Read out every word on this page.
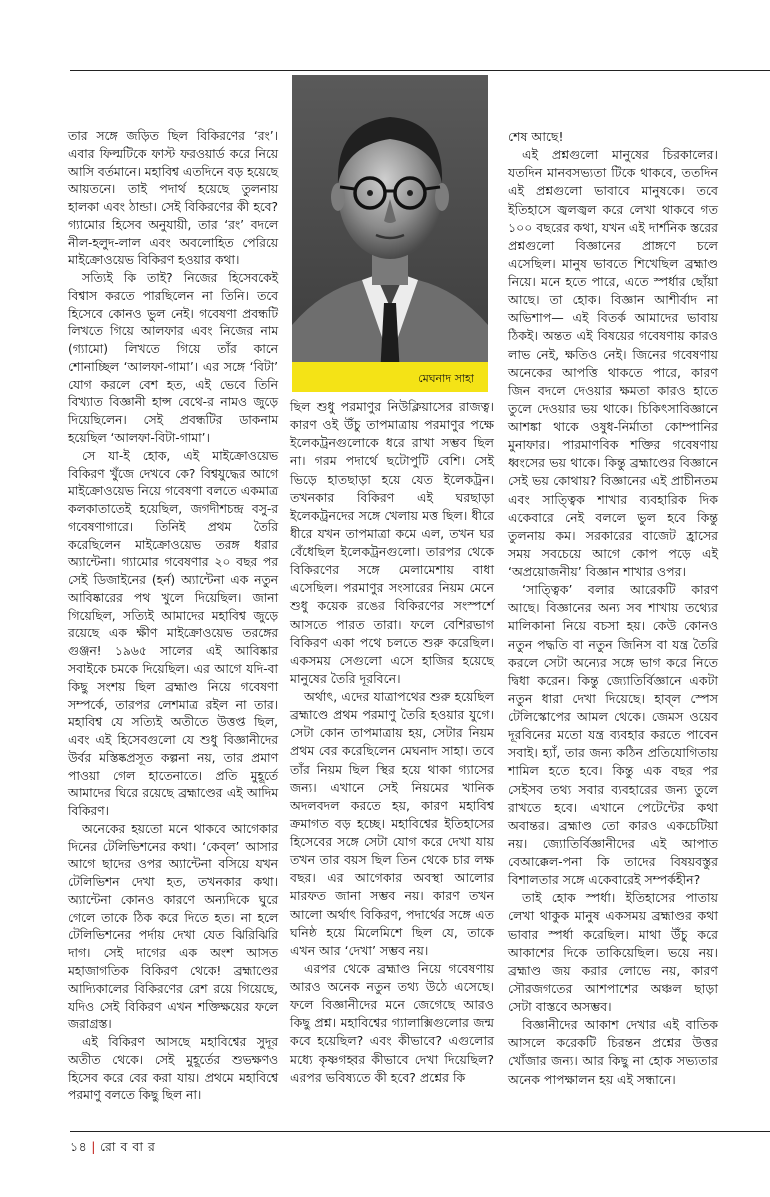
মেঘনাদ সাহা

তার সঙ্গে জড়িত ছিল বিকিরণের ‘রং’। এবার ফিল্মটিকে ফাস্ট ফরওয়ার্ড করে নিয়ে আসি বর্তমানে। মহাবিশ্ব এতদিনে বড় হয়েছে আয়তনে। তাই পদার্থ হয়েছে তুলনায় হালকা এবং ঠান্ডা। সেই বিকিরণের কী হবে? গ্যামোর হিসেব অনুযায়ী, তার ‘রং’ বদলে নীল-হলুদ-লাল এবং অবলোহিত পেরিয়ে মাইক্রোওয়েভ বিকিরণ হওয়ার কথা।

সত্যিই কি তাই? নিজের হিসেবকেই বিশ্বাস করতে পারছিলেন না তিনি। তবে হিসেবে কোনও ভুল নেই। গবেষণা প্রবন্ধটি লিখতে গিয়ে আলফার এবং নিজের নাম (গ্যামো) লিখতে গিয়ে তাঁর কানে শোনাচ্ছিল ‘আলফা-গামা’। এর সঙ্গে ‘বিটা’ যোগ করলে বেশ হত, এই ভেবে তিনি বিখ্যাত বিজ্ঞানী হান্স বেথে-র নামও জুড়ে দিয়েছিলেন। সেই প্রবন্ধটির ডাকনাম হয়েছিল ‘আলফা-বিটা-গামা’।

সে যা-ই হোক, এই মাইক্রোওয়েভ বিকিরণ খুঁজে দেখবে কে? বিশ্বযুদ্ধের আগে মাইক্রোওয়েভ নিয়ে গবেষণা বলতে একমাত্র কলকাতাতেই হয়েছিল, জগদীশচন্দ্র বসু-র গবেষণাগারে। তিনিই প্রথম তৈরি করেছিলেন মাইক্রোওয়েভ তরঙ্গ ধরার অ্যান্টেনা। গ্যামোর গবেষণার ২০ বছর পর সেই ডিজাইনের (হর্ন) অ্যান্টেনা এক নতুন আবিষ্কারের পথ খুলে দিয়েছিল। জানা গিয়েছিল, সত্যিই আমাদের মহাবিশ্ব জুড়ে রয়েছে এক ক্ষীণ মাইক্রোওয়েভ তরঙ্গের গুঞ্জন! ১৯৬৫ সালের এই আবিষ্কার সবাইকে চমকে দিয়েছিল। এর আগে যদি-বা কিছু সংশয় ছিল ব্রহ্মাণ্ড নিয়ে গবেষণা সম্পর্কে, তারপর লেশমাত্র রইল না তার। মহাবিশ্ব যে সত্যিই অতীতে উত্তপ্ত ছিল, এবং এই হিসেবগুলো যে শুধু বিজ্ঞানীদের উর্বর মস্তিষ্কপ্রসূত কল্পনা নয়, তার প্রমাণ পাওয়া গেল হাতেনাতে। প্রতি মুহূর্তে আমাদের ঘিরে রয়েছে ব্রহ্মাণ্ডের এই আদিম বিকিরণ।

অনেকের হয়তো মনে থাকবে আগেকার দিনের টেলিভিশনের কথা। ‘কেব্‌ল’ আসার আগে ছাদের ওপর অ্যান্টেনা বসিয়ে যখন টেলিভিশন দেখা হত, তখনকার কথা। অ্যান্টেনা কোনও কারণে অন্যদিকে ঘুরে গেলে তাকে ঠিক করে দিতে হত। না হলে টেলিভিশনের পর্দায় দেখা যেত ঝিরিঝিরি দাগ। সেই দাগের এক অংশ আসত মহাজাগতিক বিকিরণ থেকে! ব্রহ্মাণ্ডের আদ্যিকালের বিকিরণের রেশ রয়ে গিয়েছে, যদিও সেই বিকিরণ এখন শক্তিক্ষয়ের ফলে জরাগ্রস্ত।

এই বিকিরণ আসছে মহাবিশ্বের সুদূর অতীত থেকে। সেই মুহূর্তের শুভক্ষণও হিসেব করে বের করা যায়। প্রথমে মহাবিশ্বে পরমাণু বলতে কিছু ছিল না।

ছিল শুধু পরমাণুর নিউক্লিয়াসের রাজত্ব। কারণ ওই উঁচু তাপমাত্রায় পরমাণুর পক্ষে ইলেকট্রনগুলোকে ধরে রাখা সম্ভব ছিল না। গরম পদার্থে ছটোপুটি বেশি। সেই ভিড়ে হাতছাড়া হয়ে যেত ইলেকট্রন। তখনকার বিকিরণ এই ঘরছাড়া ইলেকট্রনদের সঙ্গে খেলায় মত্ত ছিল। ধীরে ধীরে যখন তাপমাত্রা কমে এল, তখন ঘর বেঁধেছিল ইলেকট্রনগুলো। তারপর থেকে বিকিরণের সঙ্গে মেলামেশায় বাধা এসেছিল। পরমাণুর সংসারের নিয়ম মেনে শুধু কয়েক রঙের বিকিরণের সংস্পর্শে আসতে পারত তারা। ফলে বেশিরভাগ বিকিরণ একা পথে চলতে শুরু করেছিল। একসময় সেগুলো এসে হাজির হয়েছে মানুষের তৈরি দূরবিনে।

অর্থাৎ, এদের যাত্রাপথের শুরু হয়েছিল ব্রহ্মাণ্ডে প্রথম পরমাণু তৈরি হওয়ার যুগে। সেটা কোন তাপমাত্রায় হয়, সেটার নিয়ম প্রথম বের করেছিলেন মেঘনাদ সাহা। তবে তাঁর নিয়ম ছিল স্থির হয়ে থাকা গ্যাসের জন্য। এখানে সেই নিয়মের খানিক অদলবদল করতে হয়, কারণ মহাবিশ্ব ক্রমাগত বড় হচ্ছে। মহাবিশ্বের ইতিহাসের হিসেবের সঙ্গে সেটা যোগ করে দেখা যায় তখন তার বয়স ছিল তিন থেকে চার লক্ষ বছর। এর আগেকার অবস্থা আলোর মারফত জানা সম্ভব নয়। কারণ তখন আলো অর্থাৎ বিকিরণ, পদার্থের সঙ্গে এত ঘনিষ্ঠ হয়ে মিলেমিশে ছিল যে, তাকে এখন আর ‘দেখা’ সম্ভব নয়।

এরপর থেকে ব্রহ্মাণ্ড নিয়ে গবেষণায় আরও অনেক নতুন তথ্য উঠে এসেছে। ফলে বিজ্ঞানীদের মনে জেগেছে আরও কিছু প্রশ্ন। মহাবিশ্বের গ্যালাক্সিগুলোর জন্ম কবে হয়েছিল? এবং কীভাবে? এগুলোর মধ্যে কৃষ্ণগহ্বর কীভাবে দেখা দিয়েছিল? এরপর ভবিষ্যতে কী হবে? প্রশ্নের কি

শেষ আছে!

এই প্রশ্নগুলো মানুষের চিরকালের। যতদিন মানবসভ্যতা টিকে থাকবে, ততদিন এই প্রশ্নগুলো ভাবাবে মানুষকে। তবে ইতিহাসে জ্বলজ্বল করে লেখা থাকবে গত ১০০ বছরের কথা, যখন এই দার্শনিক স্তরের প্রশ্নগুলো বিজ্ঞানের প্রাঙ্গণে চলে এসেছিল। মানুষ ভাবতে শিখেছিল ব্রহ্মাণ্ড নিয়ে। মনে হতে পারে, এতে স্পর্ধার ছোঁয়া আছে। তা হোক। বিজ্ঞান আশীর্বাদ না অভিশাপ— এই বিতর্ক আমাদের ভাবায় ঠিকই। অন্তত এই বিষয়ের গবেষণায় কারও লাভ নেই, ক্ষতিও নেই। জিনের গবেষণায় অনেকের আপত্তি থাকতে পারে, কারণ জিন বদলে দেওয়ার ক্ষমতা কারও হাতে তুলে দেওয়ার ভয় থাকে। চিকিৎসাবিজ্ঞানে আশঙ্কা থাকে ওষুধ-নির্মাতা কোম্পানির মুনাফার। পারমাণবিক শক্তির গবেষণায় ধ্বংসের ভয় থাকে। কিন্তু ব্রহ্মাণ্ডের বিজ্ঞানে সেই ভয় কোথায়? বিজ্ঞানের এই প্রাচীনতম এবং সাত্ত্বিক শাখার ব্যবহারিক দিক একেবারে নেই বললে ভুল হবে কিন্তু তুলনায় কম। সরকারের বাজেট হ্রাসের সময় সবচেয়ে আগে কোপ পড়ে এই ‘অপ্রয়োজনীয়’ বিজ্ঞান শাখার ওপর।

‘সাত্ত্বিক’ বলার আরেকটি কারণ আছে। বিজ্ঞানের অন্য সব শাখায় তথ্যের মালিকানা নিয়ে বচসা হয়। কেউ কোনও নতুন পদ্ধতি বা নতুন জিনিস বা যন্ত্র তৈরি করলে সেটা অন্যের সঙ্গে ভাগ করে নিতে দ্বিধা করেন। কিন্তু জ্যোতির্বিজ্ঞানে একটা নতুন ধারা দেখা দিয়েছে। হাব্‌ল স্পেস টেলিস্কোপের আমল থেকে। জেমস ওয়েব দূরবিনের মতো যন্ত্র ব্যবহার করতে পাবেন সবাই। হ্যাঁ, তার জন্য কঠিন প্রতিযোগিতায় শামিল হতে হবে। কিন্তু এক বছর পর সেইসব তথ্য সবার ব্যবহারের জন্য তুলে রাখতে হবে। এখানে পেটেন্টের কথা অবান্তর। ব্রহ্মাণ্ড তো কারও একচেটিয়া নয়। জ্যোতির্বিজ্ঞানীদের এই আপাত বেআক্কেল-পনা কি তাদের বিষয়বস্তুর বিশালতার সঙ্গে একেবারেই সম্পর্কহীন?

তাই হোক স্পর্ধা। ইতিহাসের পাতায় লেখা থাকুক মানুষ একসময় ব্রহ্মাণ্ডর কথা ভাবার স্পর্ধা করেছিল। মাথা উঁচু করে আকাশের দিকে তাকিয়েছিল। ভয়ে নয়। ব্রহ্মাণ্ড জয় করার লোভে নয়, কারণ সৌরজগতের আশপাশের অঞ্চল ছাড়া সেটা বাস্তবে অসম্ভব।

বিজ্ঞানীদের আকাশ দেখার এই বাতিক আসলে করেকটি চিরন্তন প্রশ্নের উত্তর খোঁজার জন্য। আর কিছু না হোক সভ্যতার অনেক পাপক্ষালন হয় এই সন্ধানে।

১৪ | রো ব বা র
